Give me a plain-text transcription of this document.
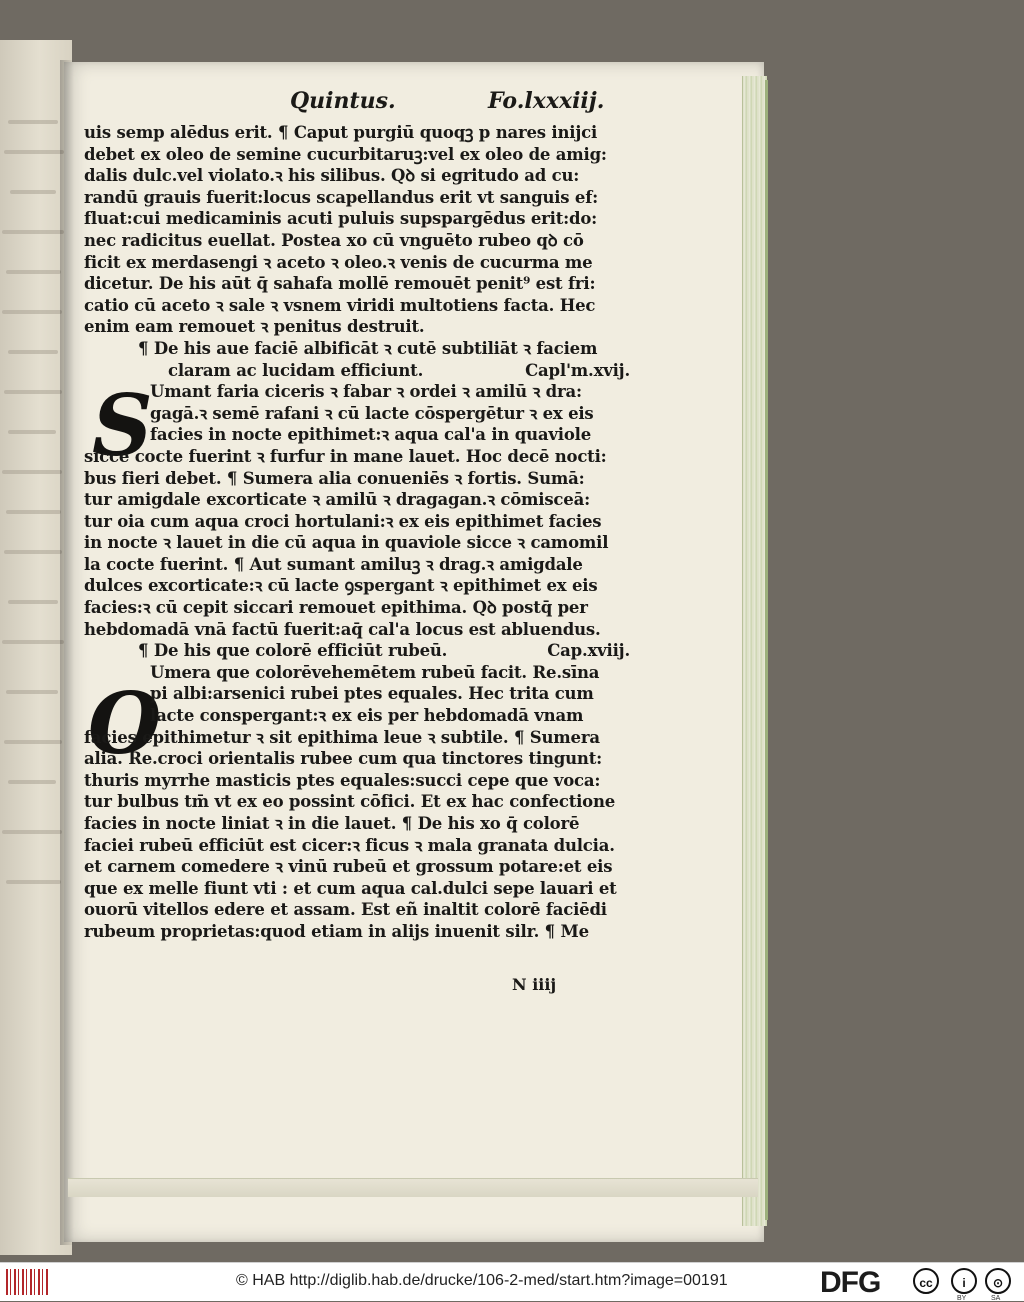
Quintus.	Fo.lxxxiij.
S
O
uis semp alēdus erit. ¶ Caput purgiū quoqꝫ p nares inijci
debet ex oleo de semine cucurbitaruꝫ:vel ex oleo de amig:
dalis dulc.vel violato.ꝛ his silibus. Qꝺ si egritudo ad cu:
randū grauis fuerit:locus scapellandus erit vt sanguis ef:
fluat:cui medicaminis acuti puluis supspargēdus erit:do:
nec radicitus euellat. Postea xo cū vnguēto rubeo qꝺ cō
ficit ex merdasengi ꝛ aceto ꝛ oleo.ꝛ venis de cucurma me
dicetur. De his aūt q̄ sahafa mollē remouēt penit⁹ est fri:
catio cū aceto ꝛ sale ꝛ vsnem viridi multotiens facta. Hec
enim eam remouet ꝛ penitus destruit.
¶ De his aue faciē albificāt ꝛ cutē subtiliāt ꝛ faciem
claram ac lucidam efficiunt.	Capl'm.xvij.
Umant faria ciceris ꝛ fabar ꝛ ordei ꝛ amilū ꝛ dra:
gagā.ꝛ semē rafani ꝛ cū lacte cōspergētur ꝛ ex eis
facies in nocte epithimet:ꝛ aqua cal'a in quaviole
sicce cocte fuerint ꝛ furfur in mane lauet. Hoc decē nocti:
bus fieri debet. ¶ Sumera alia conueniēs ꝛ fortis. Sumā:
tur amigdale excorticate ꝛ amilū ꝛ dragagan.ꝛ cōmisceā:
tur oia cum aqua croci hortulani:ꝛ ex eis epithimet facies
in nocte ꝛ lauet in die cū aqua in quaviole sicce ꝛ camomil
la cocte fuerint. ¶ Aut sumant amiluꝫ ꝛ drag.ꝛ amigdale
dulces excorticate:ꝛ cū lacte ꝯspergant ꝛ epithimet ex eis
facies:ꝛ cū cepit siccari remouet epithima. Qꝺ postq̄ per
hebdomadā vnā factū fuerit:aq̄ cal'a locus est abluendus.
¶ De his que colorē efficiūt rubeū.	Cap.xviij.
Umera que colorēvehemētem rubeū facit. Re.sīna
pi albi:arsenici rubei ptes equales. Hec trita cum
lacte conspergant:ꝛ ex eis per hebdomadā vnam
facies epithimetur ꝛ sit epithima leue ꝛ subtile. ¶ Sumera
alia. Re.croci orientalis rubee cum qua tinctores tingunt:
thuris myrrhe masticis ptes equales:succi cepe que voca:
tur bulbus tm̄ vt ex eo possint cōfici. Et ex hac confectione
facies in nocte liniat ꝛ in die lauet. ¶ De his xo q̄ colorē
faciei rubeū efficiūt est cicer:ꝛ ficus ꝛ mala granata dulcia.
et carnem comedere ꝛ vinū rubeū et grossum potare:et eis
que ex melle fiunt vti : et cum aqua cal.dulci sepe lauari et
ouorū vitellos edere et assam. Est eñ inaltit colorē faciēdi
rubeum proprietas:quod etiam in alijs inuenit silr. ¶ Me
N iiij
© HAB http://diglib.hab.de/drucke/106-2-med/start.htm?image=00191	DFG	cc	i	⊙
BY	SA
